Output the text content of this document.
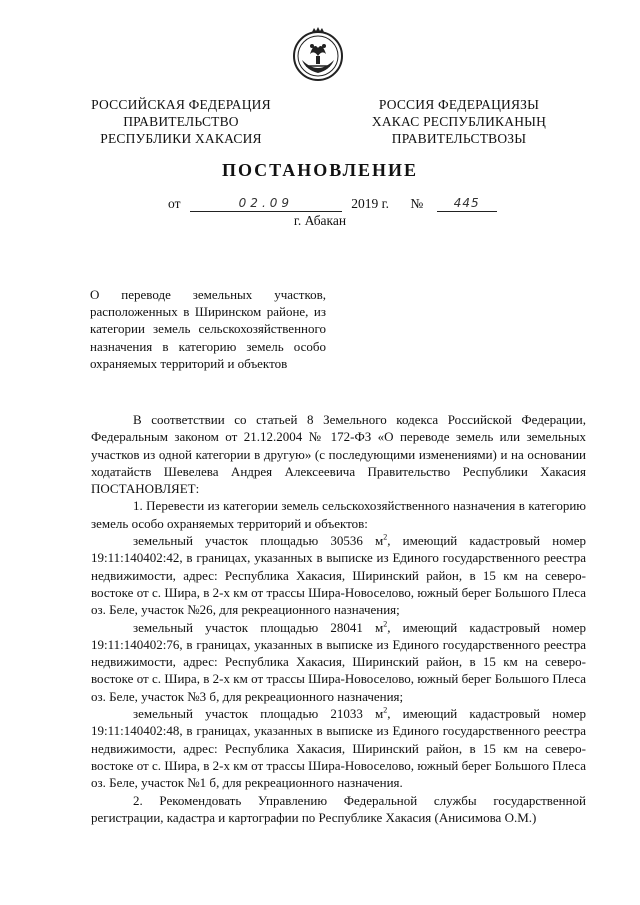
РОССИЙСКАЯ ФЕДЕРАЦИЯ
ПРАВИТЕЛЬСТВО
РЕСПУБЛИКИ ХАКАСИЯ
РОССИЯ ФЕДЕРАЦИЯЗЫ
ХАКАС РЕСПУБЛИКАНЫҢ
ПРАВИТЕЛЬСТВОЗЫ
ПОСТАНОВЛЕНИЕ
от	02.09	2019 г. №	445
г. Абакан

О переводе земельных участков, расположенных в Ширинском районе, из категории земель сельскохозяйственного назначения в категорию земель особо охраняемых территорий и объектов

В соответствии со статьей 8 Земельного кодекса Российской Федерации, Федеральным законом от 21.12.2004 № 172-ФЗ «О переводе земель или земельных участков из одной категории в другую» (с последующими изменениями) и на основании ходатайств Шевелева Андрея Алексеевича Правительство Республики Хакасия ПОСТАНОВЛЯЕТ:

1. Перевести из категории земель сельскохозяйственного назначения в категорию земель особо охраняемых территорий и объектов:

земельный участок площадью 30536 $м^2$, имеющий кадастровый номер 19:11:140402:42, в границах, указанных в выписке из Единого государственного реестра недвижимости, адрес: Республика Хакасия, Ширинский район, в 15 км на северо-востоке от с. Шира, в 2-х км от трассы Шира-Новоселово, южный берег Большого Плеса оз. Беле, участок №26, для рекреационного назначения;

земельный участок площадью 28041 $м^2$, имеющий кадастровый номер 19:11:140402:76, в границах, указанных в выписке из Единого государственного реестра недвижимости, адрес: Республика Хакасия, Ширинский район, в 15 км на северо-востоке от с. Шира, в 2-х км от трассы Шира-Новоселово, южный берег Большого Плеса оз. Беле, участок №3 б, для рекреационного назначения;

земельный участок площадью 21033 $м^2$, имеющий кадастровый номер 19:11:140402:48, в границах, указанных в выписке из Единого государственного реестра недвижимости, адрес: Республика Хакасия, Ширинский район, в 15 км на северо-востоке от с. Шира, в 2-х км от трассы Шира-Новоселово, южный берег Большого Плеса оз. Беле, участок №1 б, для рекреационного назначения.

2. Рекомендовать Управлению Федеральной службы государственной регистрации, кадастра и картографии по Республике Хакасия (Анисимова О.М.)
